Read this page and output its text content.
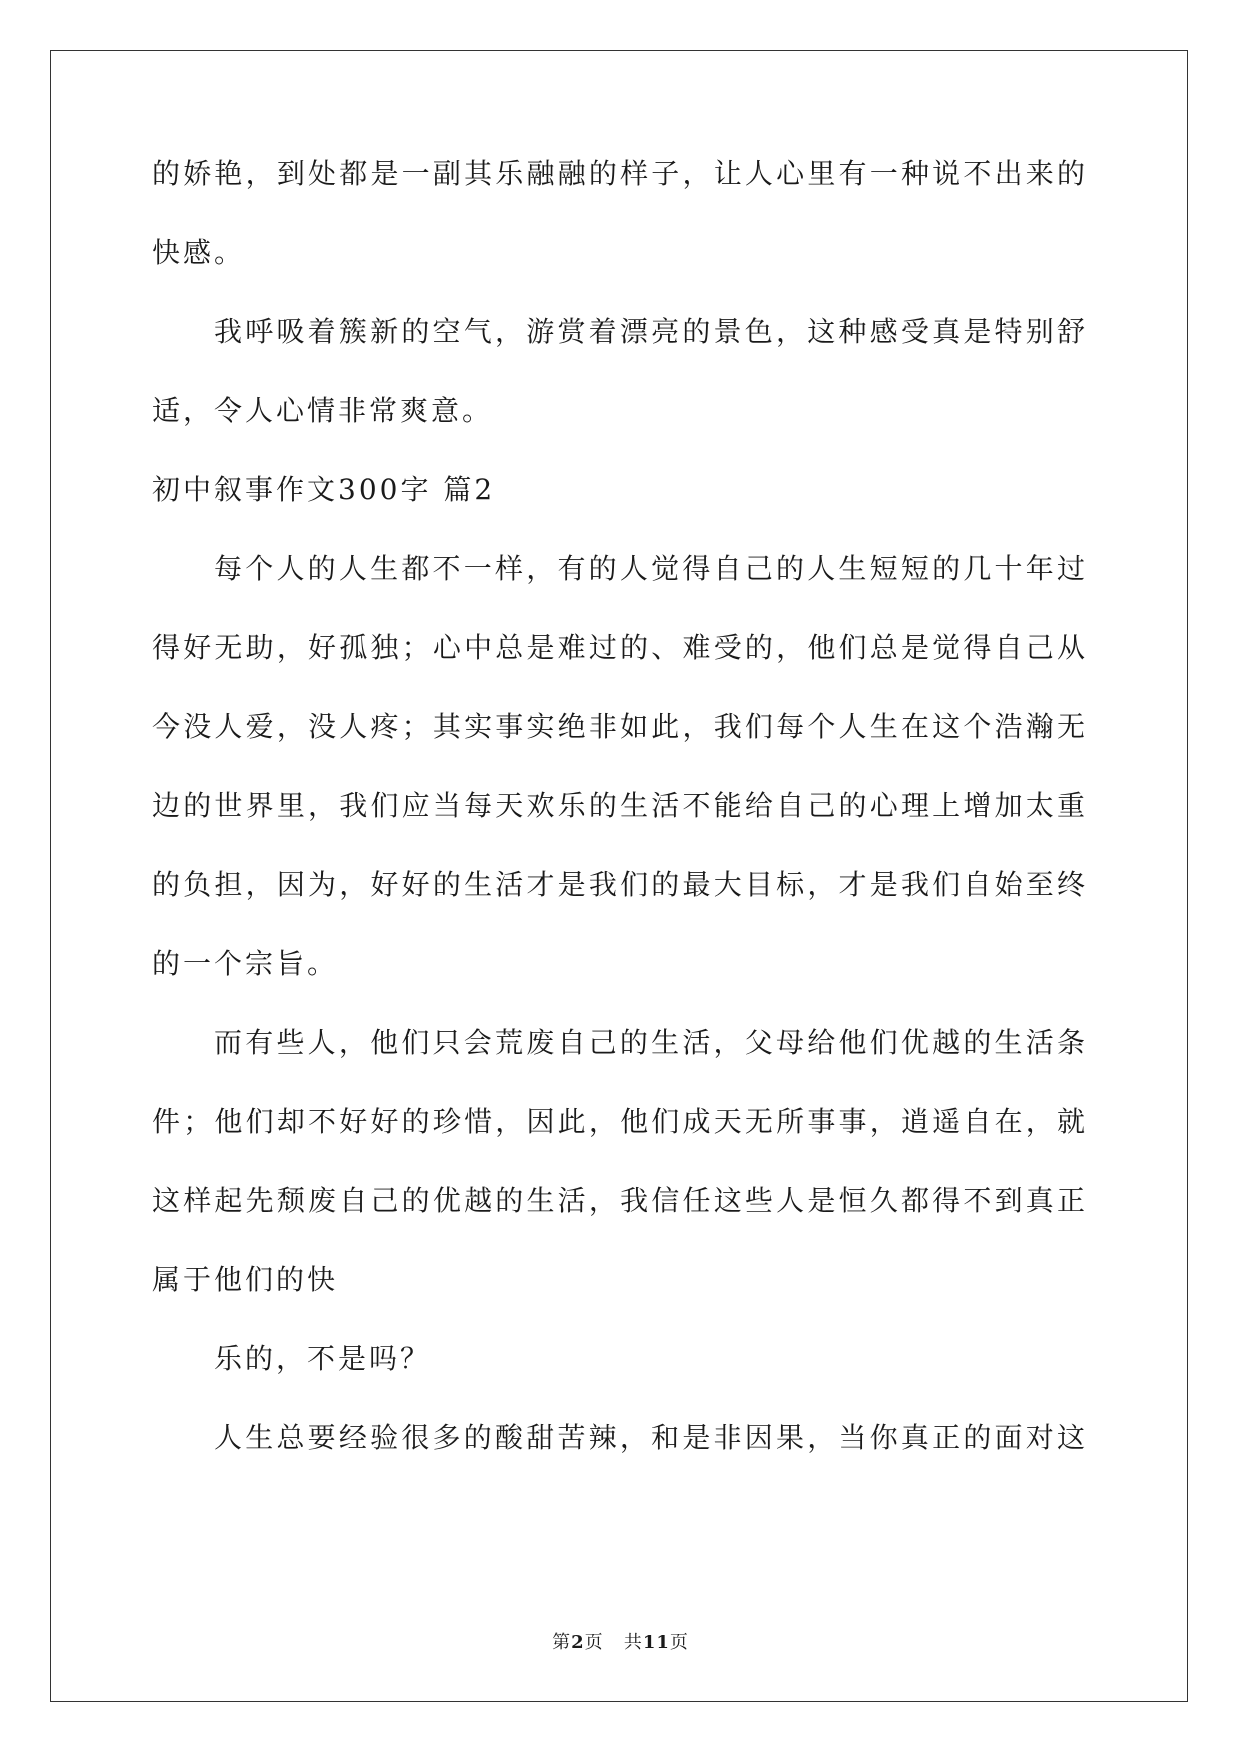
的娇艳，到处都是一副其乐融融的样子，让人心里有一种说不出来的
快感。
我呼吸着簇新的空气，游赏着漂亮的景色，这种感受真是特别舒
适，令人心情非常爽意。
初中叙事作文300字 篇2
每个人的人生都不一样，有的人觉得自己的人生短短的几十年过
得好无助，好孤独；心中总是难过的、难受的，他们总是觉得自己从
今没人爱，没人疼；其实事实绝非如此，我们每个人生在这个浩瀚无
边的世界里，我们应当每天欢乐的生活不能给自己的心理上增加太重
的负担，因为，好好的生活才是我们的最大目标，才是我们自始至终
的一个宗旨。
而有些人，他们只会荒废自己的生活，父母给他们优越的生活条
件；他们却不好好的珍惜，因此，他们成天无所事事，逍遥自在，就
这样起先颓废自己的优越的生活，我信任这些人是恒久都得不到真正
属于他们的快
乐的，不是吗？
人生总要经验很多的酸甜苦辣，和是非因果，当你真正的面对这
第2页 共11页
